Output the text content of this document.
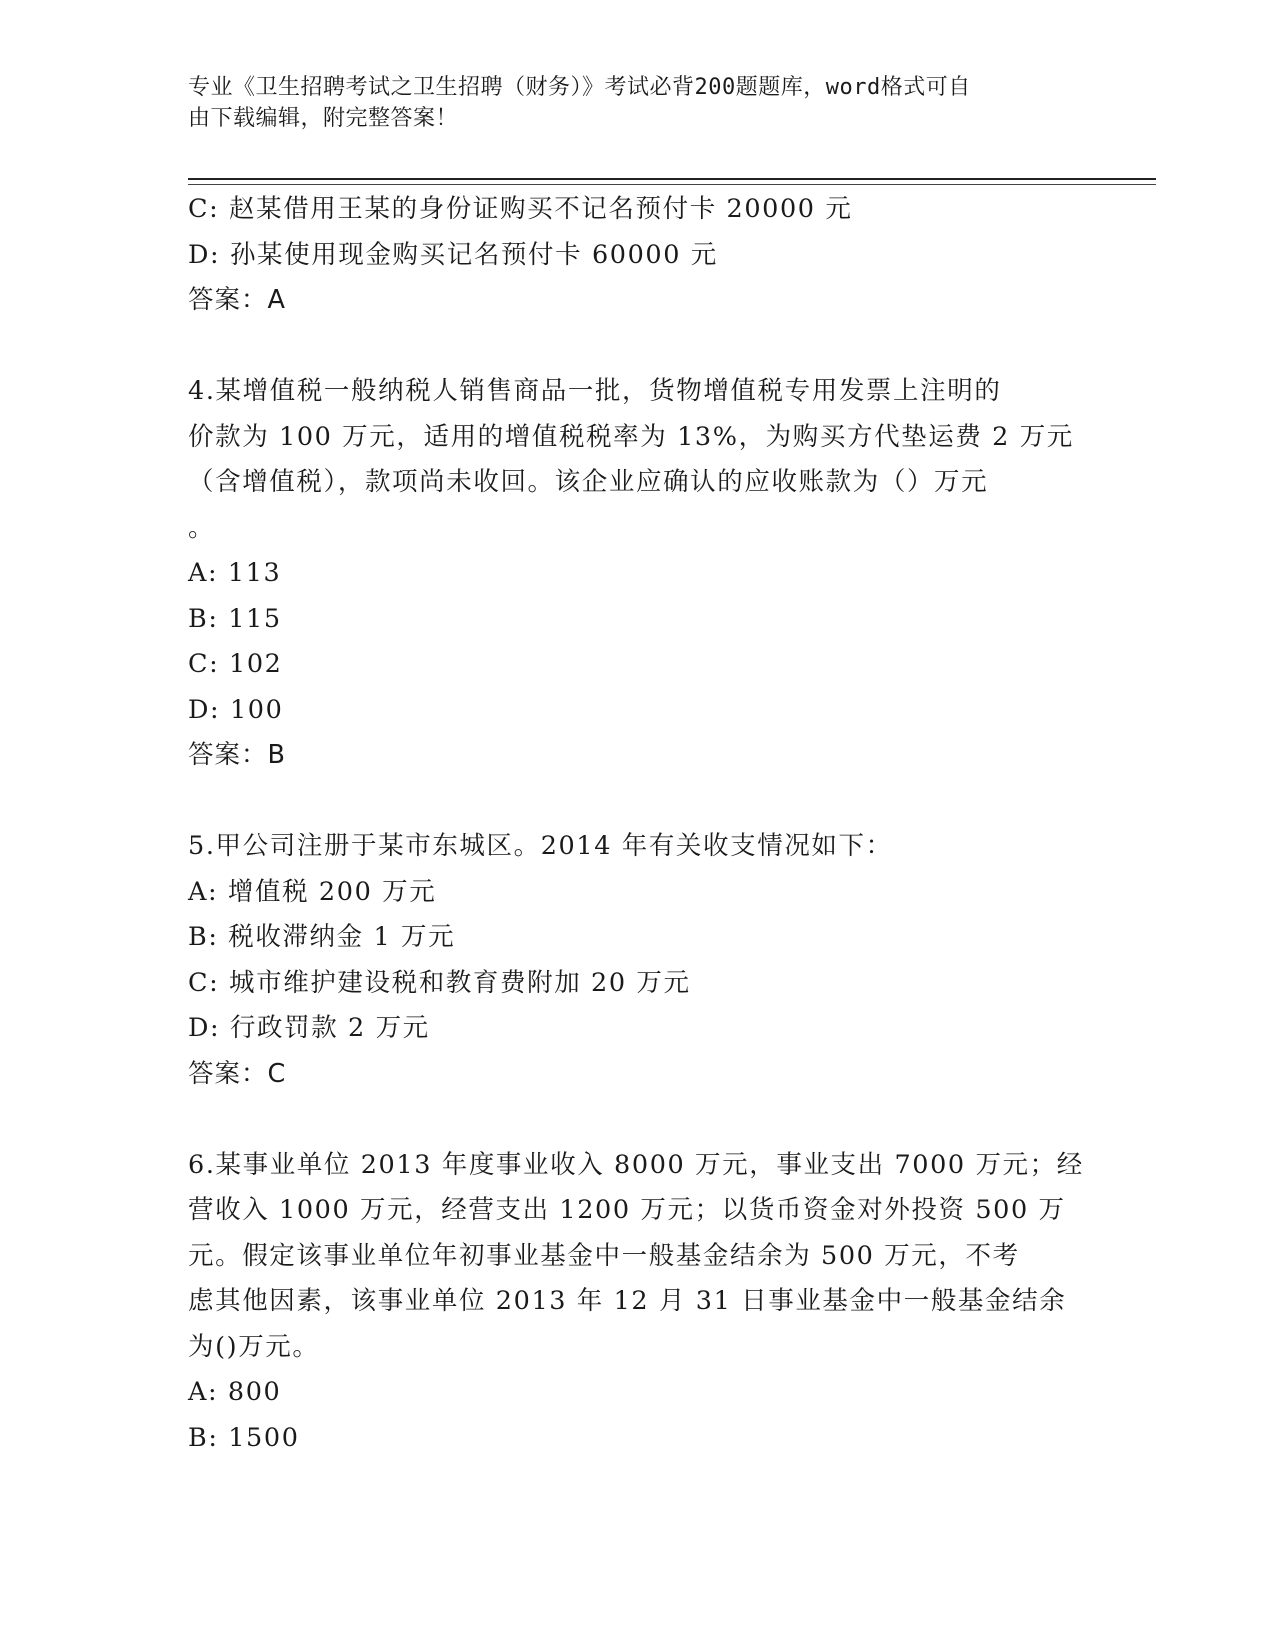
专业《卫生招聘考试之卫生招聘（财务）》考试必背200题题库，word格式可自
由下载编辑，附完整答案！
C: 赵某借用王某的身份证购买不记名预付卡 20000 元
D: 孙某使用现金购买记名预付卡 60000 元
答案：A
4.某增值税一般纳税人销售商品一批，货物增值税专用发票上注明的
价款为 100 万元，适用的增值税税率为 13%，为购买方代垫运费 2 万元
（含增值税），款项尚未收回。该企业应确认的应收账款为（）万元
。
A: 113
B: 115
C: 102
D: 100
答案：B
5.甲公司注册于某市东城区。2014 年有关收支情况如下：
A: 增值税 200 万元
B: 税收滞纳金 1 万元
C: 城市维护建设税和教育费附加 20 万元
D: 行政罚款 2 万元
答案：C
6.某事业单位 2013 年度事业收入 8000 万元，事业支出 7000 万元；经
营收入 1000 万元，经营支出 1200 万元；以货币资金对外投资 500 万
元。假定该事业单位年初事业基金中一般基金结余为 500 万元，不考
虑其他因素，该事业单位 2013 年 12 月 31 日事业基金中一般基金结余
为()万元。
A: 800
B: 1500
